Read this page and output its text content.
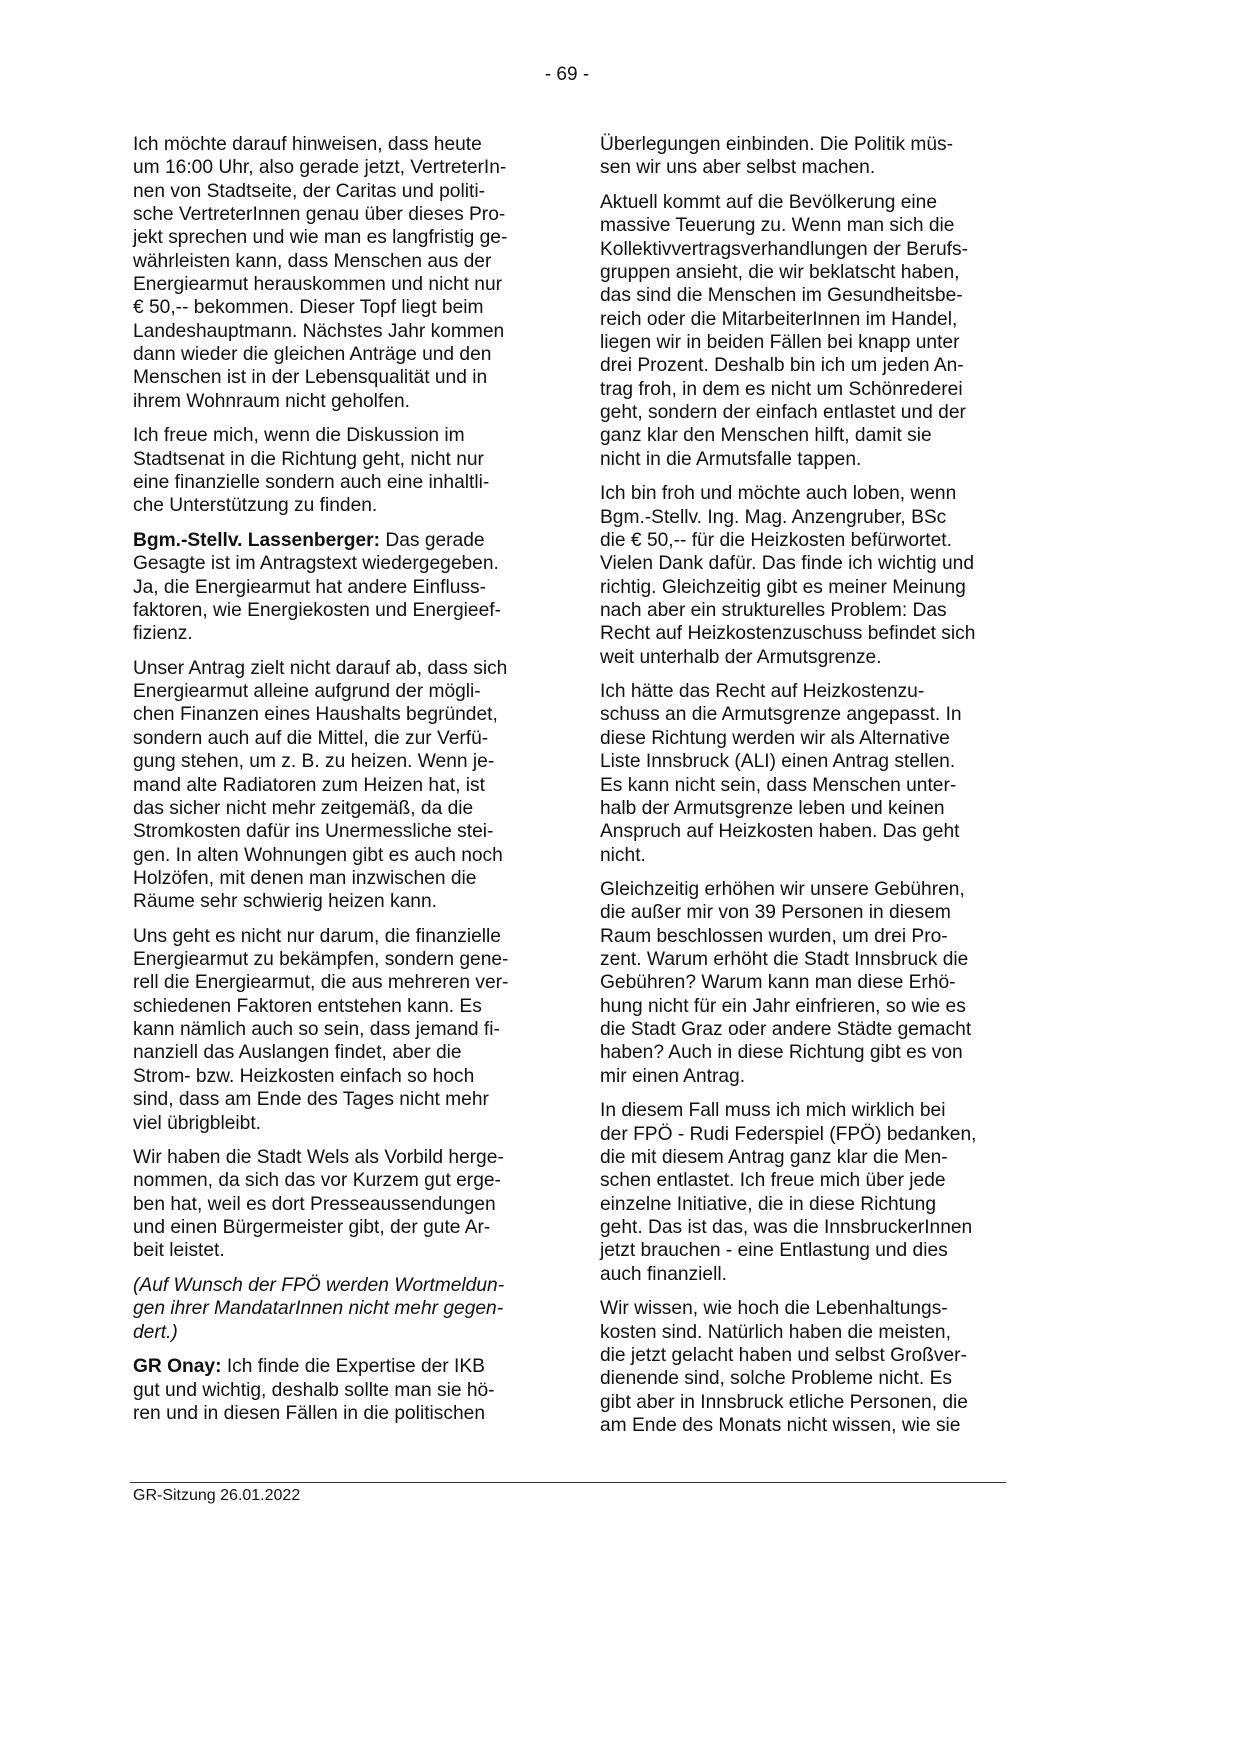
- 69 -
Ich möchte darauf hinweisen, dass heute
um 16:00 Uhr, also gerade jetzt, VertreterIn-
nen von Stadtseite, der Caritas und politi-
sche VertreterInnen genau über dieses Pro-
jekt sprechen und wie man es langfristig ge-
währleisten kann, dass Menschen aus der
Energiearmut herauskommen und nicht nur
€ 50,-- bekommen. Dieser Topf liegt beim
Landeshauptmann. Nächstes Jahr kommen
dann wieder die gleichen Anträge und den
Menschen ist in der Lebensqualität und in
ihrem Wohnraum nicht geholfen.
Ich freue mich, wenn die Diskussion im
Stadtsenat in die Richtung geht, nicht nur
eine finanzielle sondern auch eine inhaltli-
che Unterstützung zu finden.
Bgm.-Stellv. Lassenberger: Das gerade
Gesagte ist im Antragstext wiedergegeben.
Ja, die Energiearmut hat andere Einfluss-
faktoren, wie Energiekosten und Energieef-
fizienz.
Unser Antrag zielt nicht darauf ab, dass sich
Energiearmut alleine aufgrund der mögli-
chen Finanzen eines Haushalts begründet,
sondern auch auf die Mittel, die zur Verfü-
gung stehen, um z. B. zu heizen. Wenn je-
mand alte Radiatoren zum Heizen hat, ist
das sicher nicht mehr zeitgemäß, da die
Stromkosten dafür ins Unermessliche stei-
gen. In alten Wohnungen gibt es auch noch
Holzöfen, mit denen man inzwischen die
Räume sehr schwierig heizen kann.
Uns geht es nicht nur darum, die finanzielle
Energiearmut zu bekämpfen, sondern gene-
rell die Energiearmut, die aus mehreren ver-
schiedenen Faktoren entstehen kann. Es
kann nämlich auch so sein, dass jemand fi-
nanziell das Auslangen findet, aber die
Strom- bzw. Heizkosten einfach so hoch
sind, dass am Ende des Tages nicht mehr
viel übrigbleibt.
Wir haben die Stadt Wels als Vorbild herge-
nommen, da sich das vor Kurzem gut erge-
ben hat, weil es dort Presseaussendungen
und einen Bürgermeister gibt, der gute Ar-
beit leistet.
(Auf Wunsch der FPÖ werden Wortmeldun-
gen ihrer MandatarInnen nicht mehr gegen-
dert.)
GR Onay: Ich finde die Expertise der IKB
gut und wichtig, deshalb sollte man sie hö-
ren und in diesen Fällen in die politischen
Überlegungen einbinden. Die Politik müs-
sen wir uns aber selbst machen.
Aktuell kommt auf die Bevölkerung eine
massive Teuerung zu. Wenn man sich die
Kollektivvertragsverhandlungen der Berufs-
gruppen ansieht, die wir beklatscht haben,
das sind die Menschen im Gesundheitsbe-
reich oder die MitarbeiterInnen im Handel,
liegen wir in beiden Fällen bei knapp unter
drei Prozent. Deshalb bin ich um jeden An-
trag froh, in dem es nicht um Schönrederei
geht, sondern der einfach entlastet und der
ganz klar den Menschen hilft, damit sie
nicht in die Armutsfalle tappen.
Ich bin froh und möchte auch loben, wenn
Bgm.-Stellv. Ing. Mag. Anzengruber, BSc
die € 50,-- für die Heizkosten befürwortet.
Vielen Dank dafür. Das finde ich wichtig und
richtig. Gleichzeitig gibt es meiner Meinung
nach aber ein strukturelles Problem: Das
Recht auf Heizkostenzuschuss befindet sich
weit unterhalb der Armutsgrenze.
Ich hätte das Recht auf Heizkostenzu-
schuss an die Armutsgrenze angepasst. In
diese Richtung werden wir als Alternative
Liste Innsbruck (ALI) einen Antrag stellen.
Es kann nicht sein, dass Menschen unter-
halb der Armutsgrenze leben und keinen
Anspruch auf Heizkosten haben. Das geht
nicht.
Gleichzeitig erhöhen wir unsere Gebühren,
die außer mir von 39 Personen in diesem
Raum beschlossen wurden, um drei Pro-
zent. Warum erhöht die Stadt Innsbruck die
Gebühren? Warum kann man diese Erhö-
hung nicht für ein Jahr einfrieren, so wie es
die Stadt Graz oder andere Städte gemacht
haben? Auch in diese Richtung gibt es von
mir einen Antrag.
In diesem Fall muss ich mich wirklich bei
der FPÖ - Rudi Federspiel (FPÖ) bedanken,
die mit diesem Antrag ganz klar die Men-
schen entlastet. Ich freue mich über jede
einzelne Initiative, die in diese Richtung
geht. Das ist das, was die InnsbruckerInnen
jetzt brauchen - eine Entlastung und dies
auch finanziell.
Wir wissen, wie hoch die Lebenhaltungs-
kosten sind. Natürlich haben die meisten,
die jetzt gelacht haben und selbst Großver-
dienende sind, solche Probleme nicht. Es
gibt aber in Innsbruck etliche Personen, die
am Ende des Monats nicht wissen, wie sie
GR-Sitzung 26.01.2022
